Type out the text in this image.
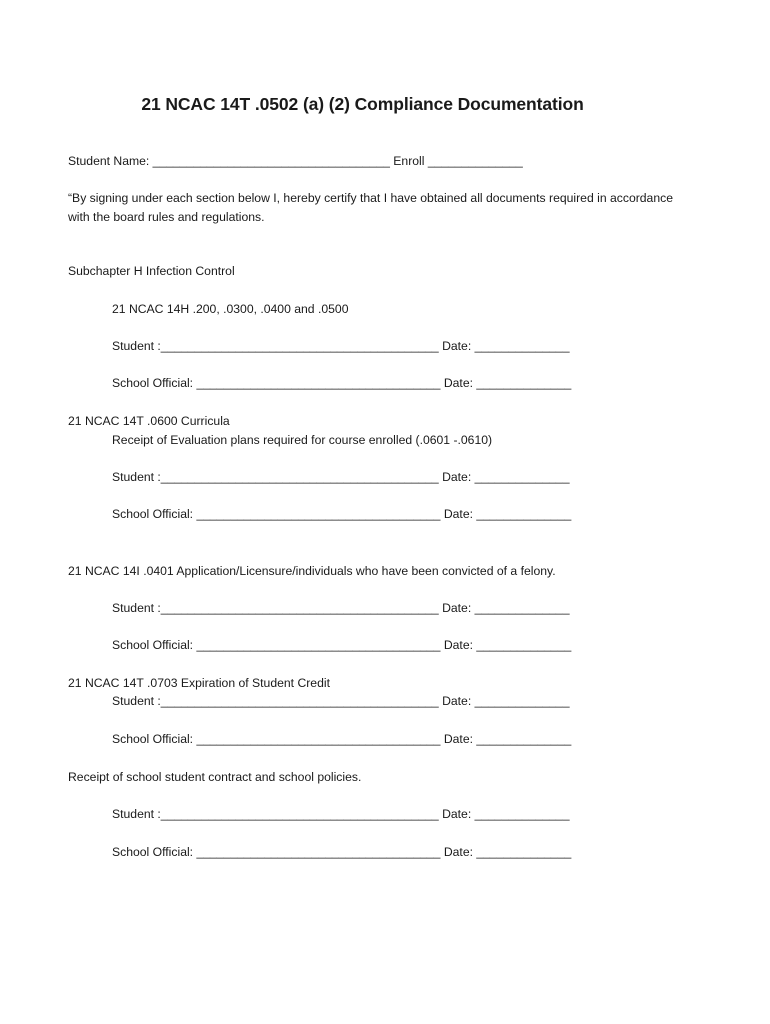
21 NCAC 14T .0502 (a) (2) Compliance Documentation
Student Name: ___________________________________ Enroll ______________
“By signing under each section below I, hereby certify that I have obtained all documents required in accordance
with the board rules and regulations.
Subchapter H Infection Control
21 NCAC 14H .200, .0300, .0400 and .0500
Student :_________________________________________ Date: ______________
School Official: ____________________________________ Date: ______________
21 NCAC 14T .0600 Curricula
Receipt of Evaluation plans required for course enrolled (.0601 -.0610)
Student :_________________________________________ Date: ______________
School Official: ____________________________________ Date: ______________
21 NCAC 14I .0401 Application/Licensure/individuals who have been convicted of a felony.
Student :_________________________________________ Date: ______________
School Official: ____________________________________ Date: ______________
21 NCAC 14T .0703 Expiration of Student Credit
Student :_________________________________________ Date: ______________
School Official: ____________________________________ Date: ______________
Receipt of school student contract and school policies.
Student :_________________________________________ Date: ______________
School Official: ____________________________________ Date: ______________
